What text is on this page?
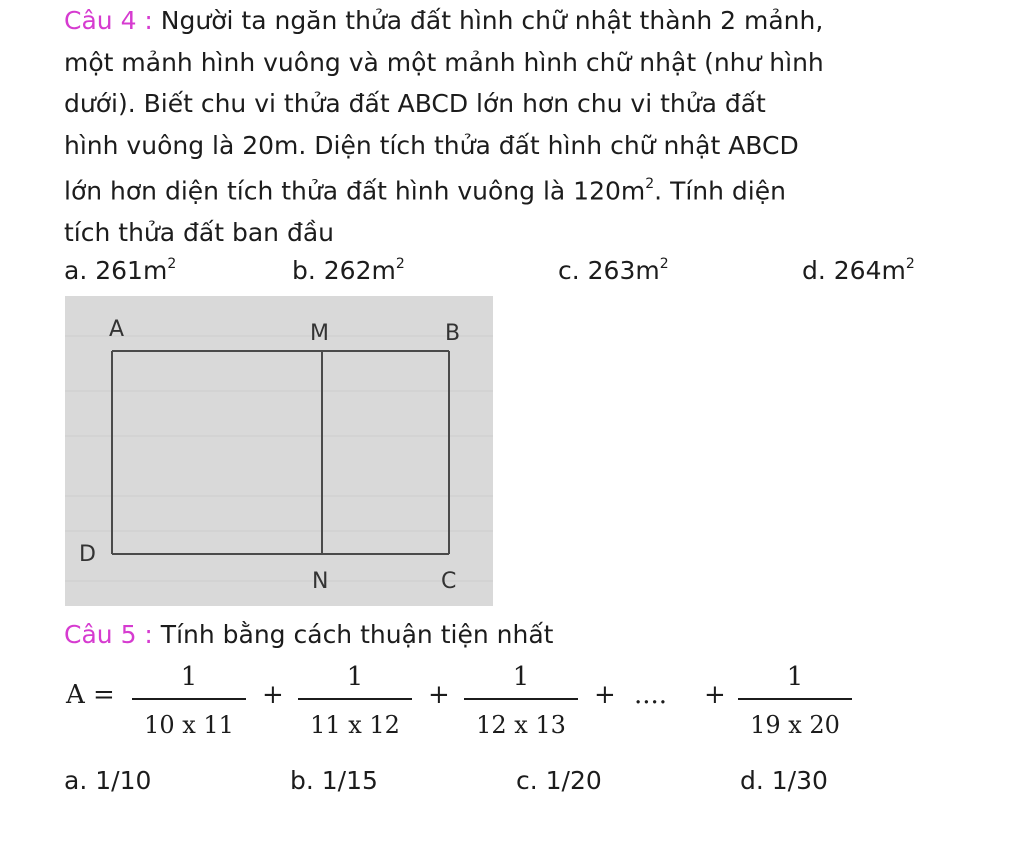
Câu 4 : Người ta ngăn thửa đất hình chữ nhật thành 2 mảnh,
một mảnh hình vuông và một mảnh hình chữ nhật (như hình
dưới). Biết chu vi thửa đất ABCD lớn hơn chu vi thửa đất
hình vuông là 20m. Diện tích thửa đất hình chữ nhật ABCD
lớn hơn diện tích thửa đất hình vuông là $120m^2$. Tính diện
tích thửa đất ban đầu
a. $261m^2$	b. $262m^2$	c. $263m^2$	d. $264m^2$
A	M	B
D
N	C
Câu 5 : Tính bằng cách thuận tiện nhất
A =
1
10 x 11
+
1
11 x 12
+
1
12 x 13
+ .... +
1
19 x 20
a. 1/10	b. 1/15	c. 1/20	d. 1/30
